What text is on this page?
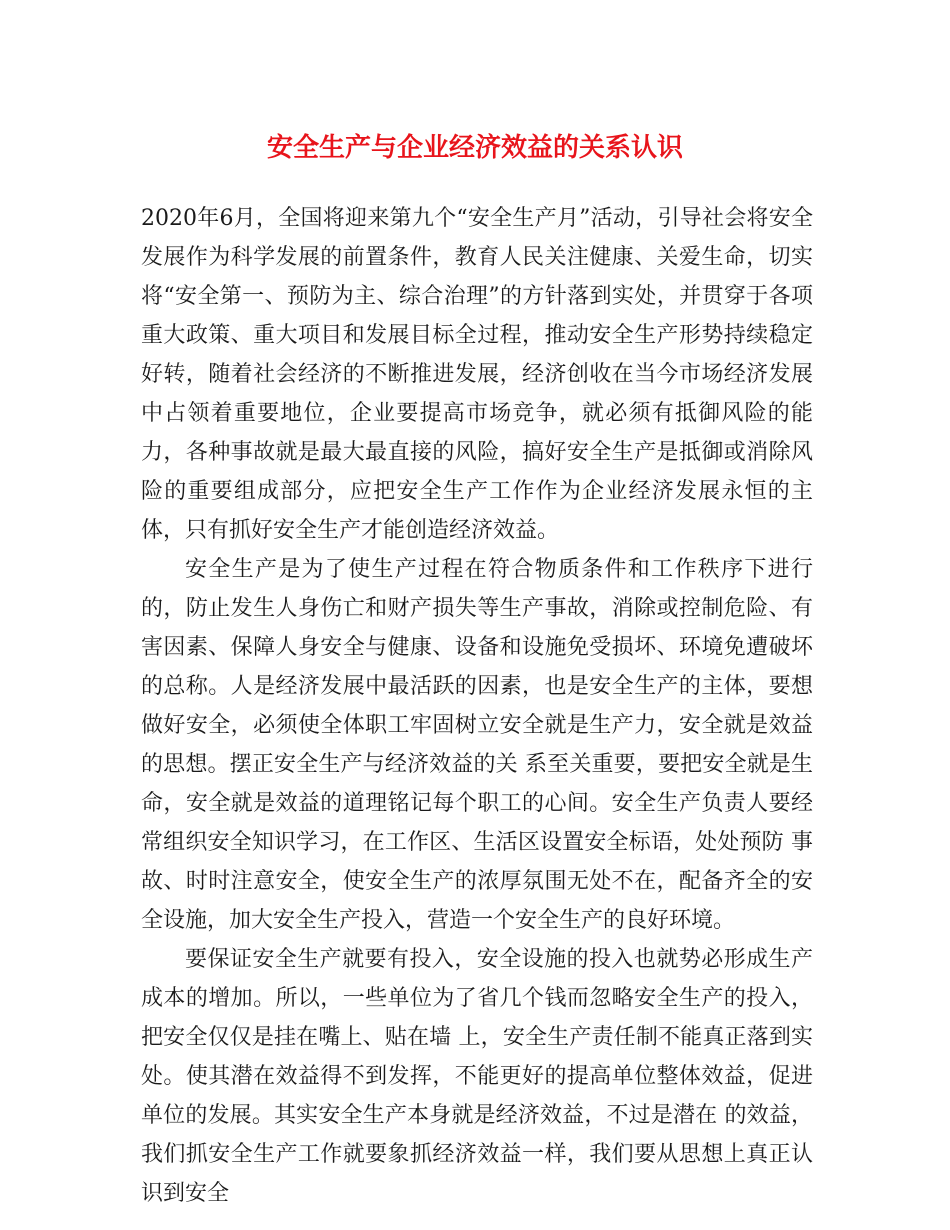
安全生产与企业经济效益的关系认识

2020年6月，全国将迎来第九个“安全生产月”活动，引导社会将安全发展作为科学发展的前置条件，教育人民关注健康、关爱生命，切实将“安全第一、预防为主、综合治理”的方针落到实处，并贯穿于各项重大政策、重大项目和发展目标全过程，推动安全生产形势持续稳定好转，随着社会经济的不断推进发展，经济创收在当今市场经济发展中占领着重要地位，企业要提高市场竞争，就必须有抵御风险的能力，各种事故就是最大最直接的风险，搞好安全生产是抵御或消除风险的重要组成部分，应把安全生产工作作为企业经济发展永恒的主体，只有抓好安全生产才能创造经济效益。

安全生产是为了使生产过程在符合物质条件和工作秩序下进行的，防止发生人身伤亡和财产损失等生产事故，消除或控制危险、有害因素、保障人身安全与健康、设备和设施免受损坏、环境免遭破坏的总称。人是经济发展中最活跃的因素，也是安全生产的主体，要想做好安全，必须使全体职工牢固树立安全就是生产力，安全就是效益的思想。摆正安全生产与经济效益的关 系至关重要，要把安全就是生命，安全就是效益的道理铭记每个职工的心间。安全生产负责人要经常组织安全知识学习，在工作区、生活区设置安全标语，处处预防 事故、时时注意安全，使安全生产的浓厚氛围无处不在，配备齐全的安全设施，加大安全生产投入，营造一个安全生产的良好环境。

要保证安全生产就要有投入，安全设施的投入也就势必形成生产成本的增加。所以，一些单位为了省几个钱而忽略安全生产的投入，把安全仅仅是挂在嘴上、贴在墙 上，安全生产责任制不能真正落到实处。使其潜在效益得不到发挥，不能更好的提高单位整体效益，促进单位的发展。其实安全生产本身就是经济效益，不过是潜在 的效益，我们抓安全生产工作就要象抓经济效益一样，我们要从思想上真正认识到安全
